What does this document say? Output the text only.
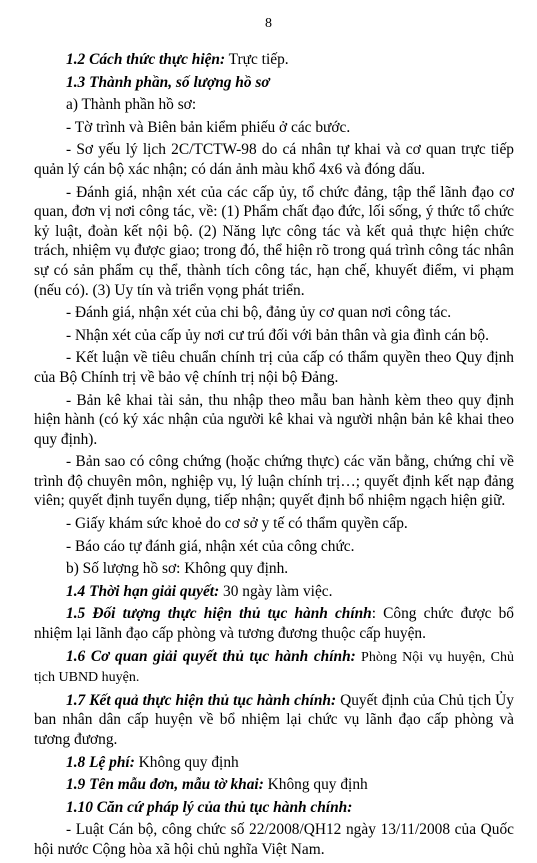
8

1.2 Cách thức thực hiện: Trực tiếp.

1.3 Thành phần, số lượng hồ sơ

a) Thành phần hồ sơ:

- Tờ trình và Biên bản kiểm phiếu ở các bước.

- Sơ yếu lý lịch 2C/TCTW-98 do cá nhân tự khai và cơ quan trực tiếp quản lý cán bộ xác nhận; có dán ảnh màu khổ 4x6 và đóng dấu.

- Đánh giá, nhận xét của các cấp ủy, tổ chức đảng, tập thể lãnh đạo cơ quan, đơn vị nơi công tác, về: (1) Phẩm chất đạo đức, lối sống, ý thức tổ chức kỷ luật, đoàn kết nội bộ. (2) Năng lực công tác và kết quả thực hiện chức trách, nhiệm vụ được giao; trong đó, thể hiện rõ trong quá trình công tác nhân sự có sản phẩm cụ thể, thành tích công tác, hạn chế, khuyết điểm, vi phạm (nếu có). (3) Uy tín và triển vọng phát triển.

- Đánh giá, nhận xét của chi bộ, đảng ủy cơ quan nơi công tác.

- Nhận xét của cấp ủy nơi cư trú đối với bản thân và gia đình cán bộ.

- Kết luận về tiêu chuẩn chính trị của cấp có thẩm quyền theo Quy định của Bộ Chính trị về bảo vệ chính trị nội bộ Đảng.

- Bản kê khai tài sản, thu nhập theo mẫu ban hành kèm theo quy định hiện hành (có ký xác nhận của người kê khai và người nhận bản kê khai theo quy định).

- Bản sao có công chứng (hoặc chứng thực) các văn bằng, chứng chỉ về trình độ chuyên môn, nghiệp vụ, lý luận chính trị…; quyết định kết nạp đảng viên; quyết định tuyển dụng, tiếp nhận; quyết định bổ nhiệm ngạch hiện giữ.

- Giấy khám sức khoẻ do cơ sở y tế có thẩm quyền cấp.

- Báo cáo tự đánh giá, nhận xét của công chức.

b) Số lượng hồ sơ: Không quy định.

1.4 Thời hạn giải quyết: 30 ngày làm việc.

1.5 Đối tượng thực hiện thủ tục hành chính: Công chức được bổ nhiệm lại lãnh đạo cấp phòng và tương đương thuộc cấp huyện.

1.6 Cơ quan giải quyết thủ tục hành chính: Phòng Nội vụ huyện, Chủ tịch UBND huyện.

1.7 Kết quả thực hiện thủ tục hành chính: Quyết định của Chủ tịch Ủy ban nhân dân cấp huyện về bổ nhiệm lại chức vụ lãnh đạo cấp phòng và tương đương.

1.8 Lệ phí: Không quy định

1.9 Tên mẫu đơn, mẫu tờ khai: Không quy định

1.10 Căn cứ pháp lý của thủ tục hành chính:

- Luật Cán bộ, công chức số 22/2008/QH12 ngày 13/11/2008 của Quốc hội nước Cộng hòa xã hội chủ nghĩa Việt Nam.
